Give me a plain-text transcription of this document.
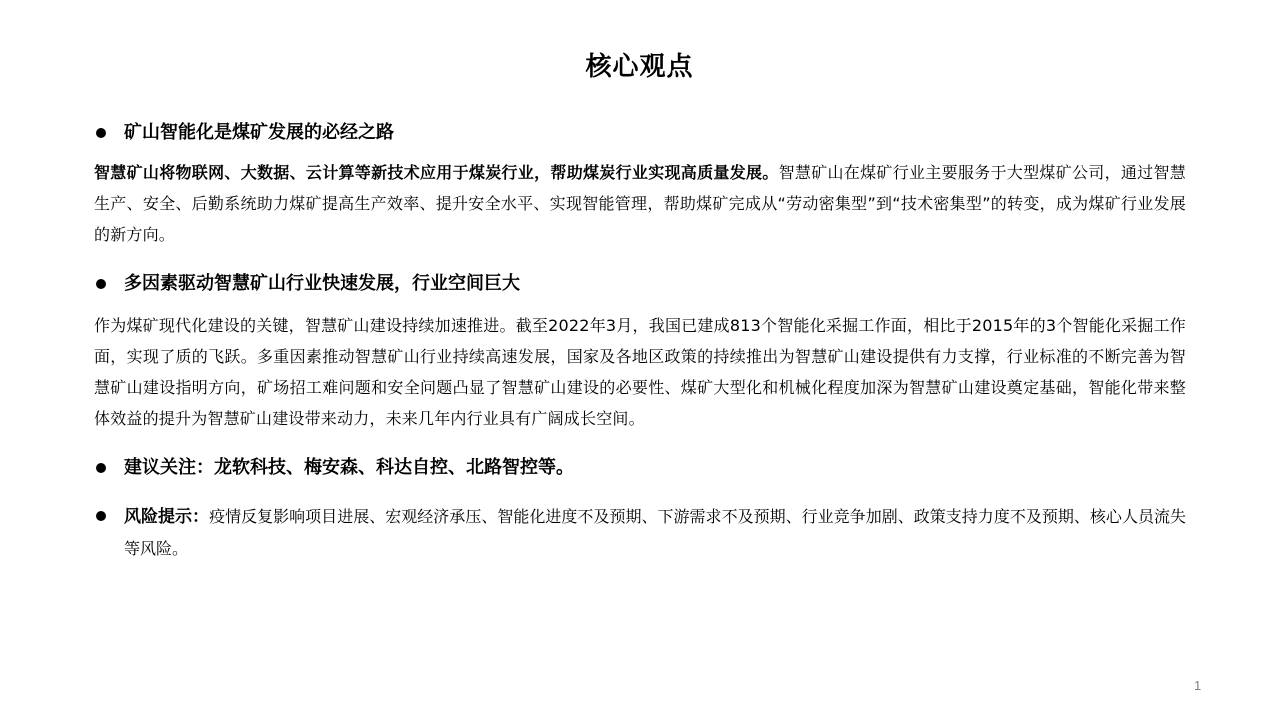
核心观点
矿山智能化是煤矿发展的必经之路
智慧矿山将物联网、大数据、云计算等新技术应用于煤炭行业，帮助煤炭行业实现高质量发展。智慧矿山在煤矿行业主要服务于大型煤矿公司，通过智慧生产、安全、后勤系统助力煤矿提高生产效率、提升安全水平、实现智能管理，帮助煤矿完成从“劳动密集型”到“技术密集型”的转变，成为煤矿行业发展的新方向。
多因素驱动智慧矿山行业快速发展，行业空间巨大
作为煤矿现代化建设的关键，智慧矿山建设持续加速推进。截至2022年3月，我国已建成813个智能化采掘工作面，相比于2015年的3个智能化采掘工作面，实现了质的飞跃。多重因素推动智慧矿山行业持续高速发展，国家及各地区政策的持续推出为智慧矿山建设提供有力支撑，行业标准的不断完善为智慧矿山建设指明方向，矿场招工难问题和安全问题凸显了智慧矿山建设的必要性、煤矿大型化和机械化程度加深为智慧矿山建设奠定基础，智能化带来整体效益的提升为智慧矿山建设带来动力，未来几年内行业具有广阔成长空间。
建议关注：龙软科技、梅安森、科达自控、北路智控等。
风险提示：疫情反复影响项目进展、宏观经济承压、智能化进度不及预期、下游需求不及预期、行业竞争加剧、政策支持力度不及预期、核心人员流失等风险。
1
